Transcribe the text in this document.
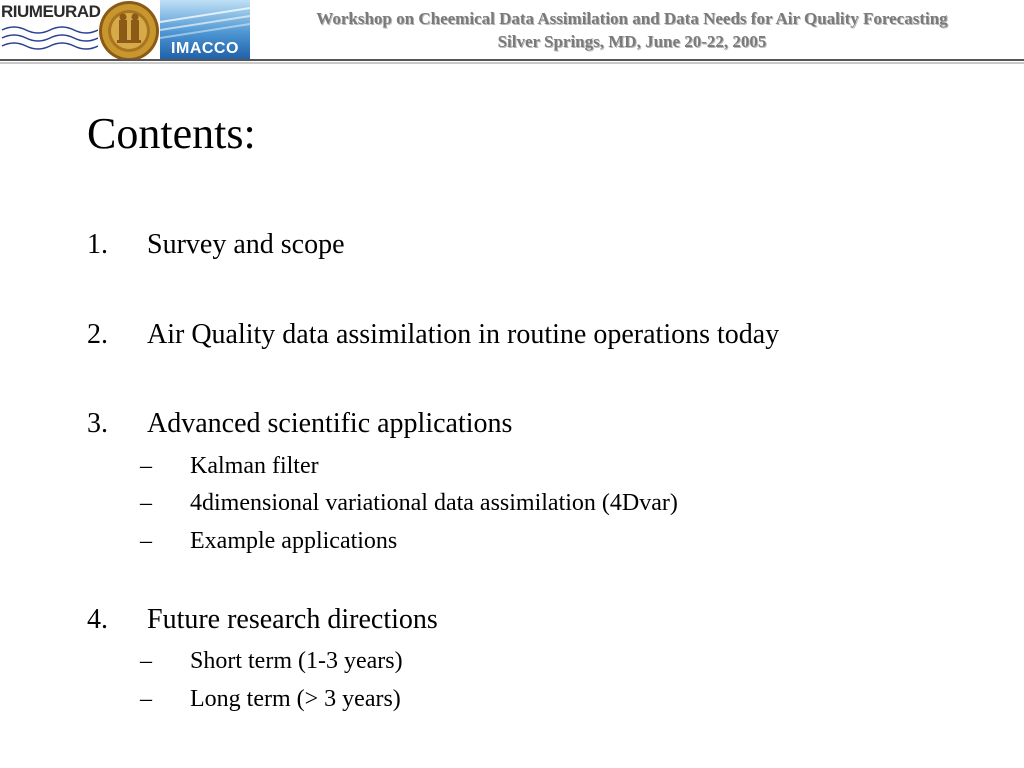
RIUMEURAD
IMACCO
Workshop on Cheemical Data Assimilation and Data Needs for Air Quality Forecasting
Silver Springs, MD, June 20-22, 2005
Contents:
1. Survey and scope
2. Air Quality data assimilation in routine operations today
3. Advanced scientific applications
– Kalman filter
– 4dimensional variational data assimilation (4Dvar)
– Example applications
4. Future research directions
– Short term (1-3 years)
– Long term (> 3 years)
